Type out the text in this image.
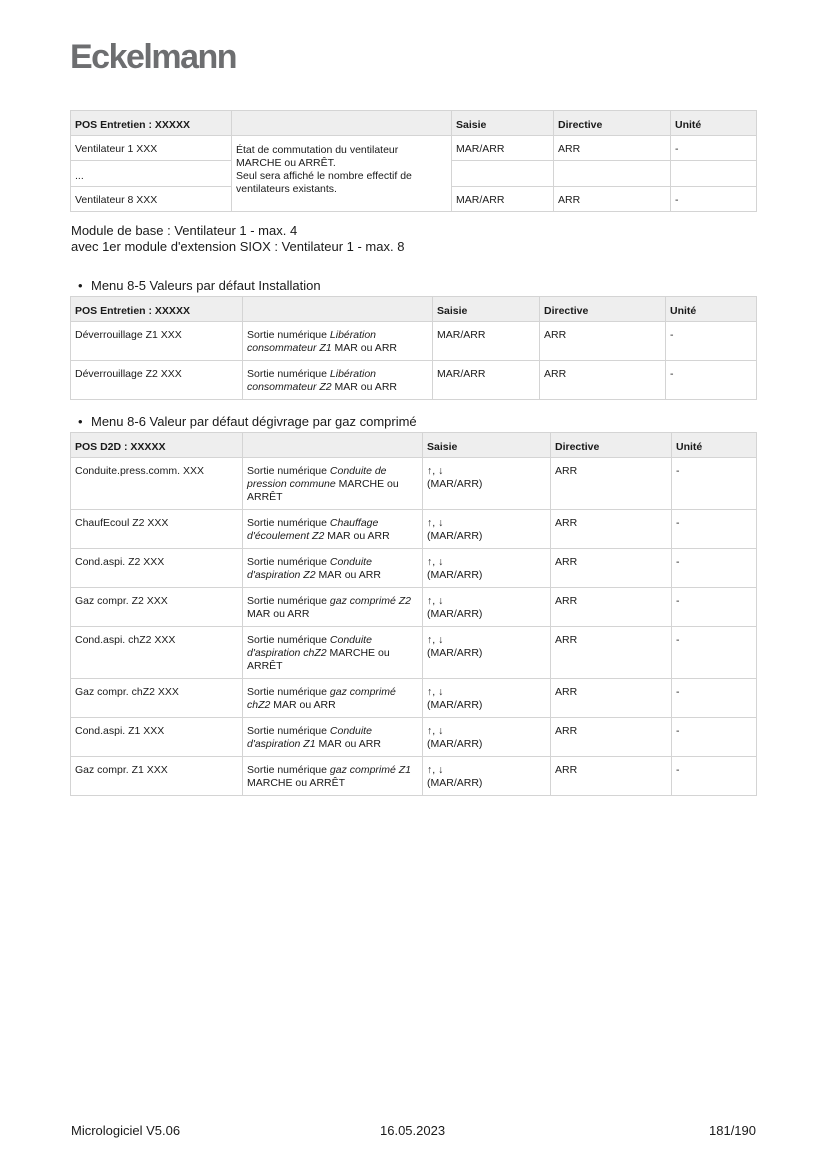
Eckelmann
POS Entretien : XXXXX		Saisie	Directive	Unité
Ventilateur 1 XXX	État de commutation du ventilateur
MARCHE ou ARRÊT.
Seul sera affiché le nombre effectif de
ventilateurs existants.	MAR/ARR	ARR	-
...				
Ventilateur 8 XXX		MAR/ARR	ARR	-
Module de base : Ventilateur 1 - max. 4
avec 1er module d'extension SIOX : Ventilateur 1 - max. 8
• Menu 8-5 Valeurs par défaut Installation
POS Entretien : XXXXX		Saisie	Directive	Unité
Déverrouillage Z1 XXX	Sortie numérique Libération consommateur Z1 MAR ou ARR	MAR/ARR	ARR	-
Déverrouillage Z2 XXX	Sortie numérique Libération consommateur Z2 MAR ou ARR	MAR/ARR	ARR	-
• Menu 8-6 Valeur par défaut dégivrage par gaz comprimé
POS D2D : XXXXX		Saisie	Directive	Unité
Conduite.press.comm. XXX	Sortie numérique Conduite de pression commune MARCHE ou ARRÊT	↑, ↓
(MAR/ARR)	ARR	-
ChaufEcoul Z2 XXX	Sortie numérique Chauffage d'écoulement Z2 MAR ou ARR	↑, ↓
(MAR/ARR)	ARR	-
Cond.aspi. Z2 XXX	Sortie numérique Conduite d'aspiration Z2 MAR ou ARR	↑, ↓
(MAR/ARR)	ARR	-
Gaz compr. Z2 XXX	Sortie numérique gaz comprimé Z2 MAR ou ARR	↑, ↓
(MAR/ARR)	ARR	-
Cond.aspi. chZ2 XXX	Sortie numérique Conduite d'aspiration chZ2 MARCHE ou ARRÊT	↑, ↓
(MAR/ARR)	ARR	-
Gaz compr. chZ2 XXX	Sortie numérique gaz comprimé chZ2 MAR ou ARR	↑, ↓
(MAR/ARR)	ARR	-
Cond.aspi. Z1 XXX	Sortie numérique Conduite d'aspiration Z1 MAR ou ARR	↑, ↓
(MAR/ARR)	ARR	-
Gaz compr. Z1 XXX	Sortie numérique gaz comprimé Z1 MARCHE ou ARRÊT	↑, ↓
(MAR/ARR)	ARR	-
Micrologiciel V5.06	16.05.2023	181/190
